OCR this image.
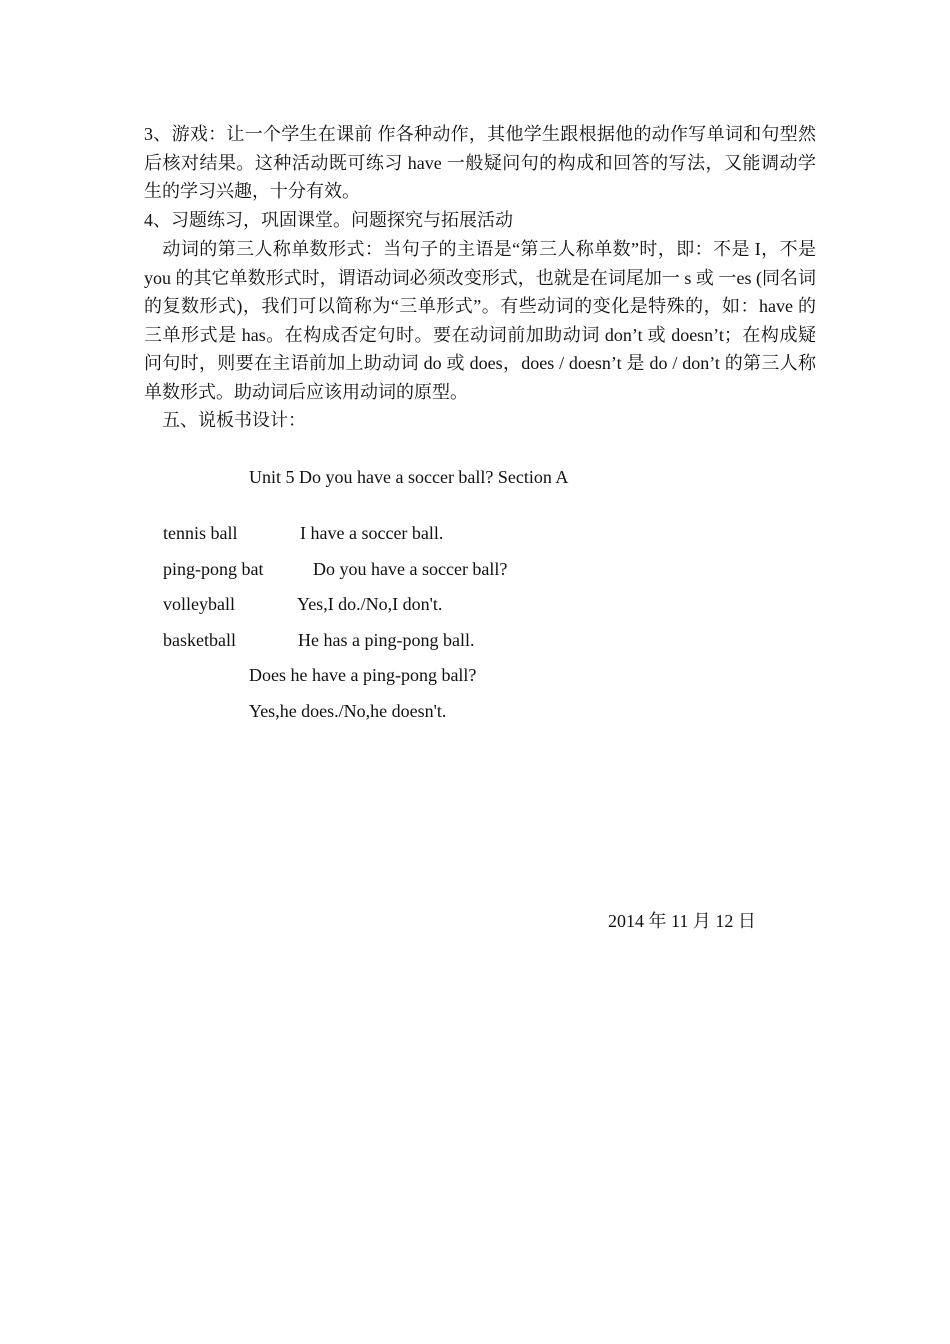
3、游戏：让一个学生在课前 作各种动作，其他学生跟根据他的动作写单词和句型然后核对结果。这种活动既可练习 have 一般疑问句的构成和回答的写法，又能调动学生的学习兴趣，十分有效。

4、习题练习，巩固课堂。问题探究与拓展活动

　动词的第三人称单数形式：当句子的主语是“第三人称单数”时，即：不是 I，不是 you 的其它单数形式时，谓语动词必须改变形式，也就是在词尾加一 s 或 一es (同名词的复数形式)，我们可以简称为“三单形式”。有些动词的变化是特殊的，如：have 的三单形式是 has。在构成否定句时。要在动词前加助动词 don’t 或 doesn’t；在构成疑问句时，则要在主语前加上助动词 do 或 does，does / doesn’t 是 do / don’t 的第三人称单数形式。助动词后应该用动词的原型。

　五、说板书设计：

Unit 5 Do you have a soccer ball? Section A

tennis ball	I have a soccer ball.

ping-pong bat	Do you have a soccer ball?

volleyball	Yes,I do./No,I don't.

basketball	He has a ping-pong ball.

Does he have a ping-pong ball?

Yes,he does./No,he doesn't.

2014 年 11 月 12 日
